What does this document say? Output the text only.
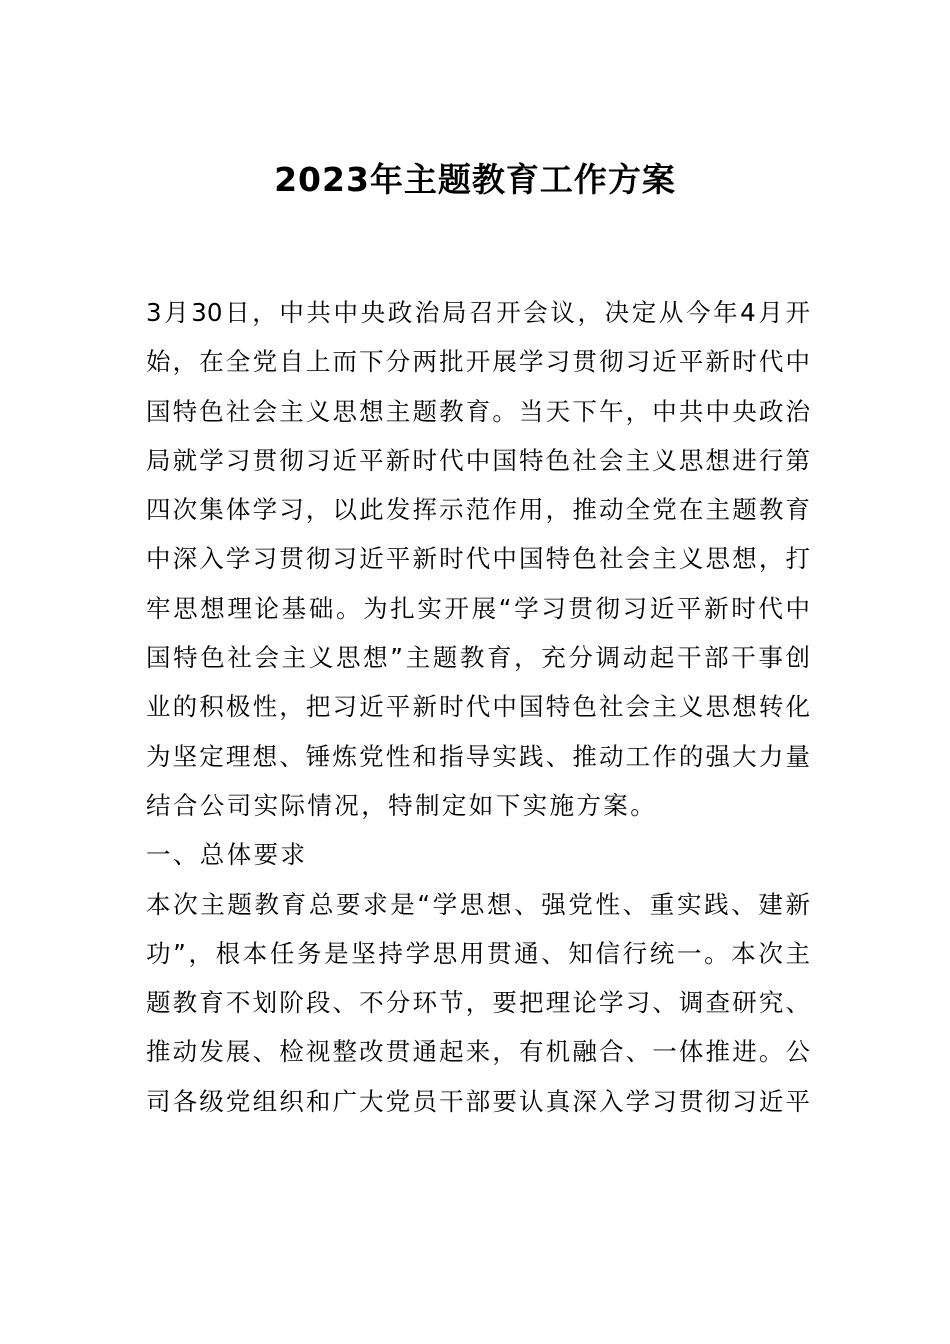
2023年主题教育工作方案
3月30日，中共中央政治局召开会议，决定从今年4月开
始，在全党自上而下分两批开展学习贯彻习近平新时代中
国特色社会主义思想主题教育。当天下午，中共中央政治
局就学习贯彻习近平新时代中国特色社会主义思想进行第
四次集体学习，以此发挥示范作用，推动全党在主题教育
中深入学习贯彻习近平新时代中国特色社会主义思想，打
牢思想理论基础。为扎实开展“学习贯彻习近平新时代中
国特色社会主义思想”主题教育，充分调动起干部干事创
业的积极性，把习近平新时代中国特色社会主义思想转化
为坚定理想、锤炼党性和指导实践、推动工作的强大力量
结合公司实际情况，特制定如下实施方案。
一、总体要求
本次主题教育总要求是“学思想、强党性、重实践、建新
功”，根本任务是坚持学思用贯通、知信行统一。本次主
题教育不划阶段、不分环节，要把理论学习、调查研究、
推动发展、检视整改贯通起来，有机融合、一体推进。公
司各级党组织和广大党员干部要认真深入学习贯彻习近平
